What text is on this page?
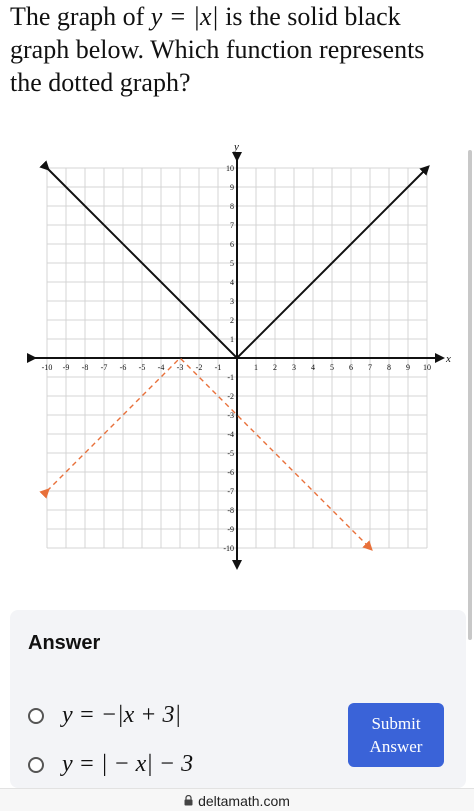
The graph of y = |x| is the solid black graph below. Which function represents the dotted graph?
-10 -9 -8 -7 -6 -5 -4 -3 -2 -1	1 2 3 4 5 6 7 8 9 10
-10
-9
-8
-7
-6
-5
-4
-3
-2
-1
1
2
3
4
5
6
7
8
9
10
x
y
Answer
y = −|x + 3|
y = | − x| − 3
Submit Answer
deltamath.com
